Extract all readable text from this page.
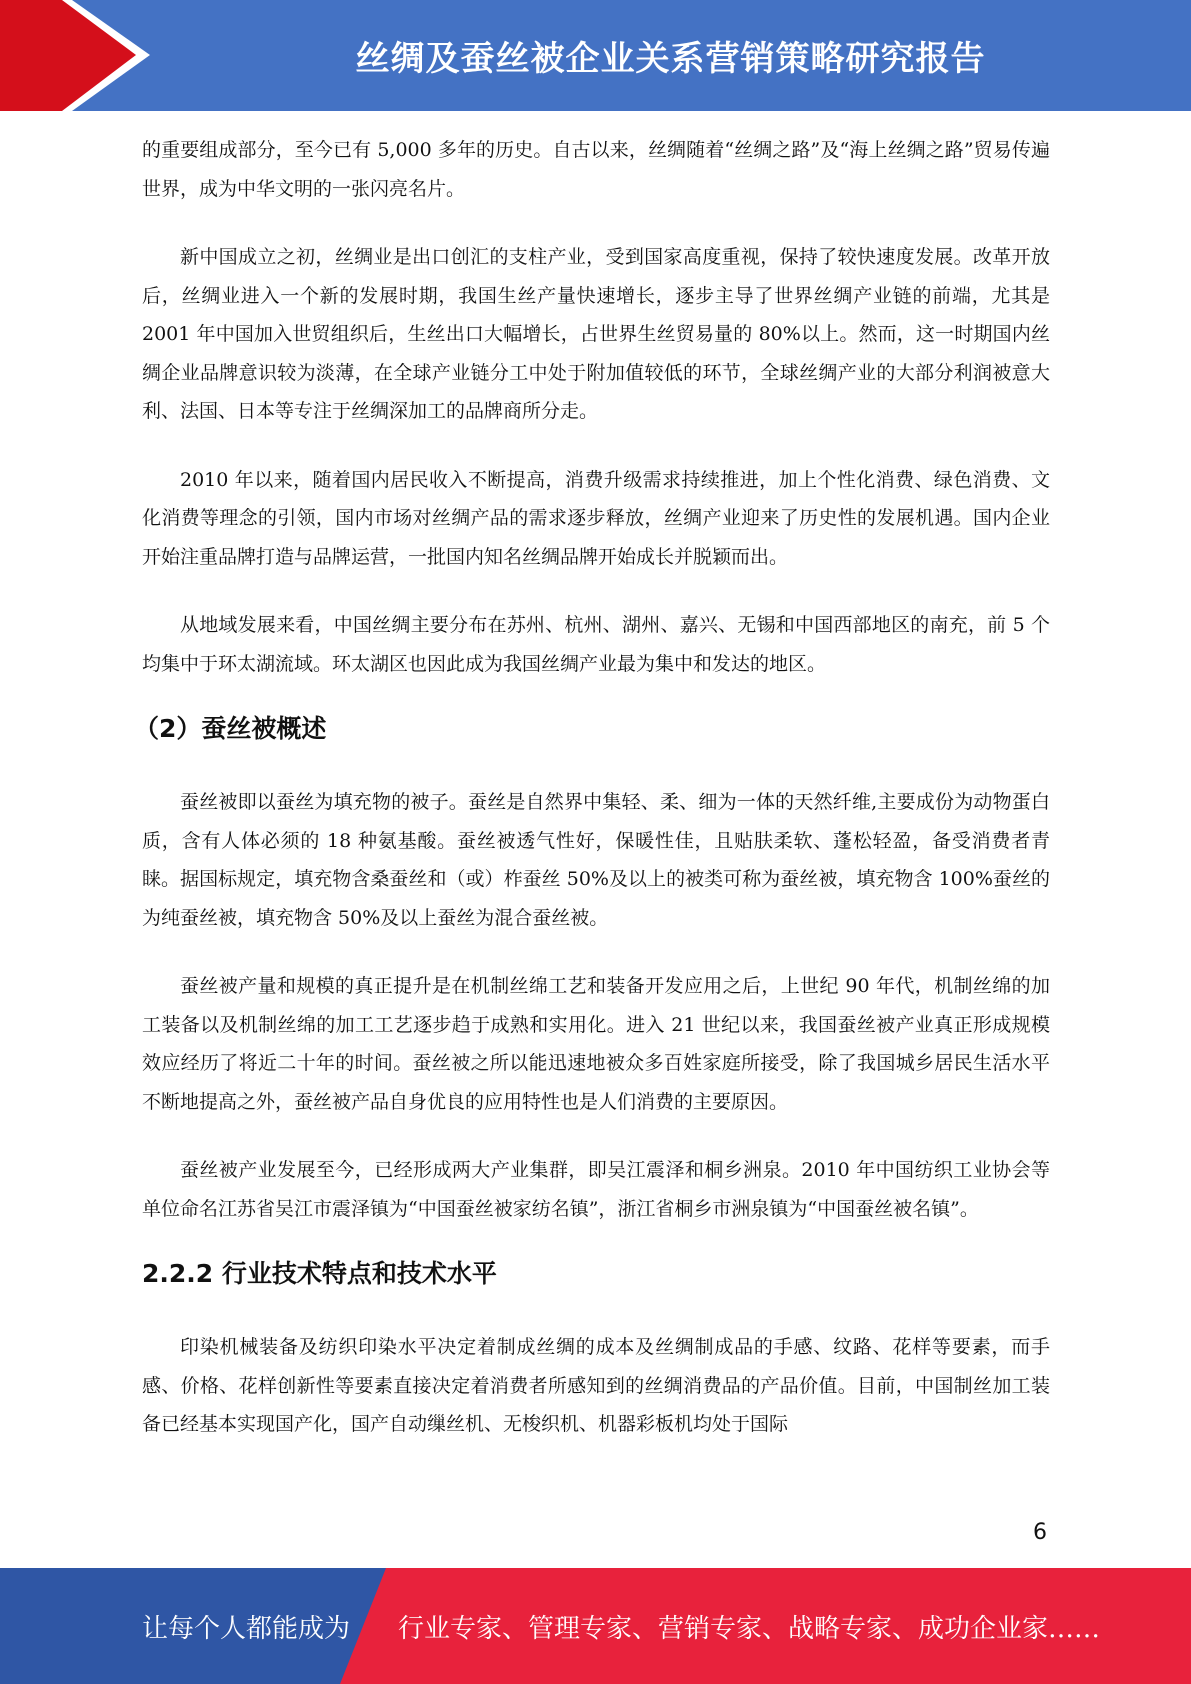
丝绸及蚕丝被企业关系营销策略研究报告

的重要组成部分，至今已有 5,000 多年的历史。自古以来，丝绸随着“丝绸之路”及“海上丝绸之路”贸易传遍世界，成为中华文明的一张闪亮名片。

新中国成立之初，丝绸业是出口创汇的支柱产业，受到国家高度重视，保持了较快速度发展。改革开放后，丝绸业进入一个新的发展时期，我国生丝产量快速增长，逐步主导了世界丝绸产业链的前端，尤其是 2001 年中国加入世贸组织后，生丝出口大幅增长，占世界生丝贸易量的 80%以上。然而，这一时期国内丝绸企业品牌意识较为淡薄，在全球产业链分工中处于附加值较低的环节，全球丝绸产业的大部分利润被意大利、法国、日本等专注于丝绸深加工的品牌商所分走。

2010 年以来，随着国内居民收入不断提高，消费升级需求持续推进，加上个性化消费、绿色消费、文化消费等理念的引领，国内市场对丝绸产品的需求逐步释放，丝绸产业迎来了历史性的发展机遇。国内企业开始注重品牌打造与品牌运营，一批国内知名丝绸品牌开始成长并脱颖而出。

从地域发展来看，中国丝绸主要分布在苏州、杭州、湖州、嘉兴、无锡和中国西部地区的南充，前 5 个均集中于环太湖流域。环太湖区也因此成为我国丝绸产业最为集中和发达的地区。

（2）蚕丝被概述

蚕丝被即以蚕丝为填充物的被子。蚕丝是自然界中集轻、柔、细为一体的天然纤维,主要成份为动物蛋白质，含有人体必须的 18 种氨基酸。蚕丝被透气性好，保暖性佳，且贴肤柔软、蓬松轻盈，备受消费者青睐。据国标规定，填充物含桑蚕丝和（或）柞蚕丝 50%及以上的被类可称为蚕丝被，填充物含 100%蚕丝的为纯蚕丝被，填充物含 50%及以上蚕丝为混合蚕丝被。

蚕丝被产量和规模的真正提升是在机制丝绵工艺和装备开发应用之后，上世纪 90 年代，机制丝绵的加工装备以及机制丝绵的加工工艺逐步趋于成熟和实用化。进入 21 世纪以来，我国蚕丝被产业真正形成规模效应经历了将近二十年的时间。蚕丝被之所以能迅速地被众多百姓家庭所接受，除了我国城乡居民生活水平不断地提高之外，蚕丝被产品自身优良的应用特性也是人们消费的主要原因。

蚕丝被产业发展至今，已经形成两大产业集群，即吴江震泽和桐乡洲泉。2010 年中国纺织工业协会等单位命名江苏省吴江市震泽镇为“中国蚕丝被家纺名镇”，浙江省桐乡市洲泉镇为“中国蚕丝被名镇”。

2.2.2 行业技术特点和技术水平

印染机械装备及纺织印染水平决定着制成丝绸的成本及丝绸制成品的手感、纹路、花样等要素，而手感、价格、花样创新性等要素直接决定着消费者所感知到的丝绸消费品的产品价值。目前，中国制丝加工装备已经基本实现国产化，国产自动缫丝机、无梭织机、机器彩板机均处于国际

6
让每个人都能成为 行业专家、管理专家、营销专家、战略专家、成功企业家……
